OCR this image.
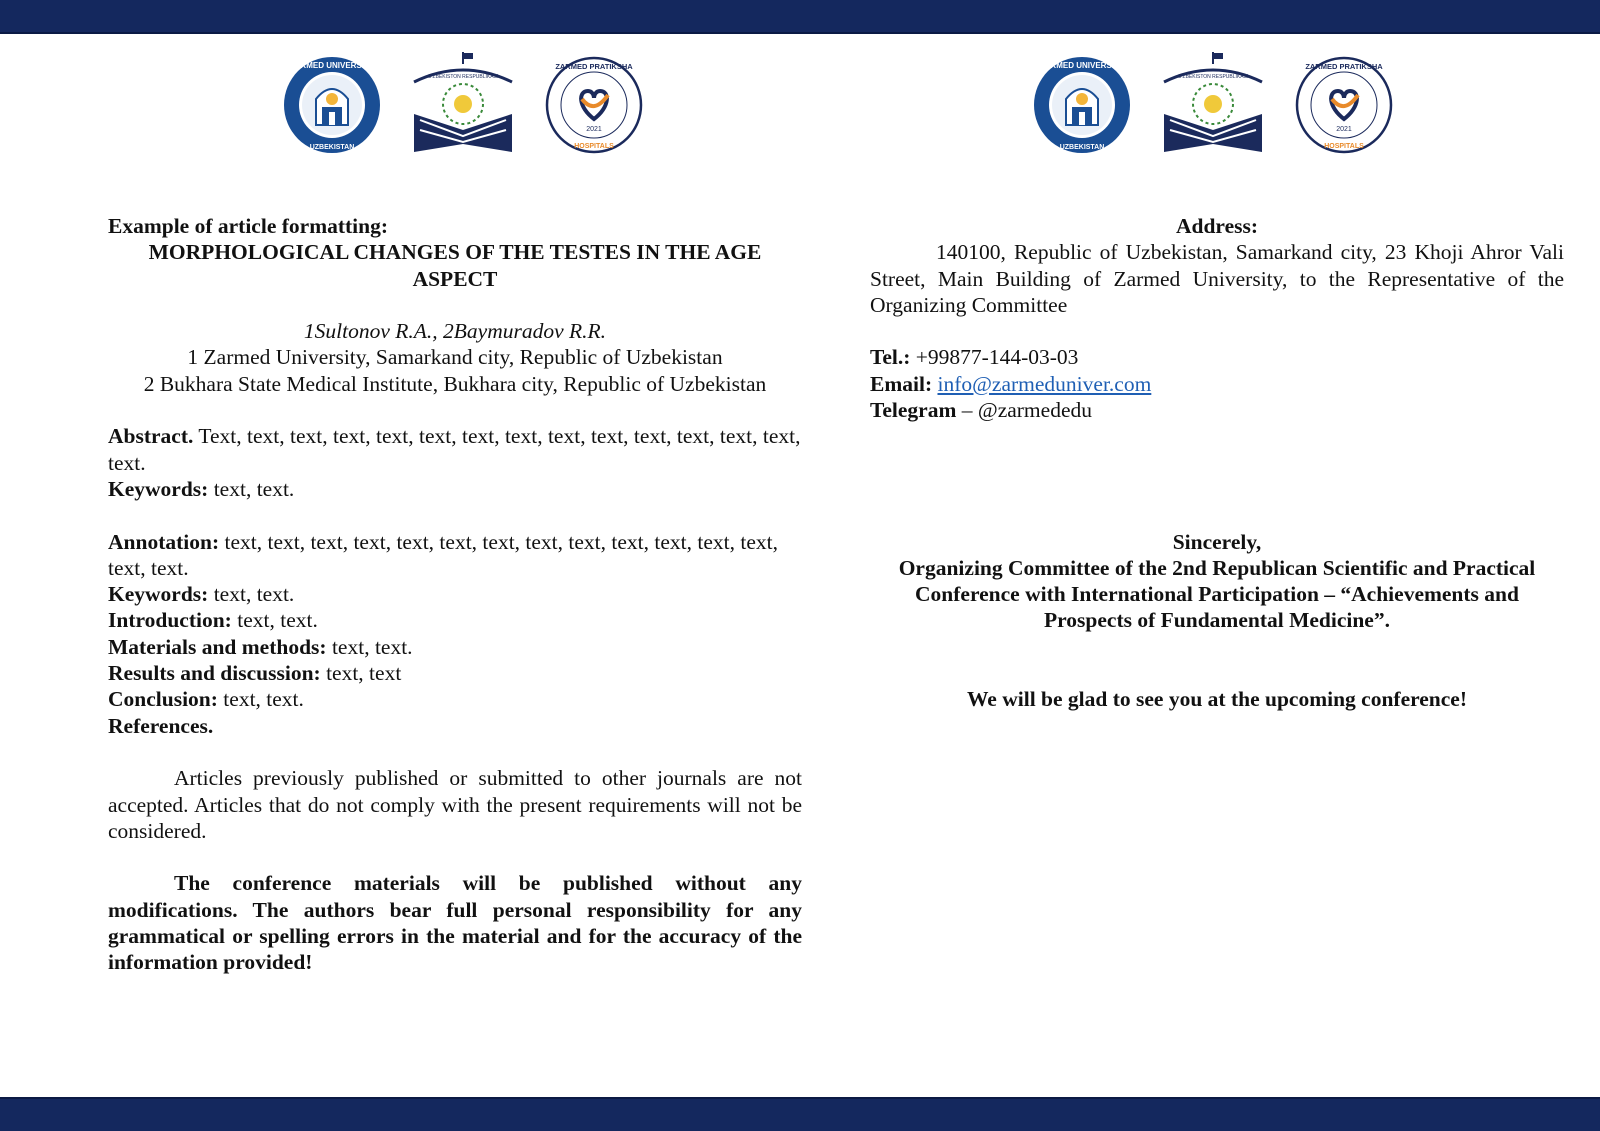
ZARMED UNIVERSITY
UZBEKISTAN
O'ZBEKISTON RESPUBLIKASI
ZARMED PRATIKSHA
2021
HOSPITALS
ZARMED UNIVERSITY
UZBEKISTAN
O'ZBEKISTON RESPUBLIKASI
ZARMED PRATIKSHA
2021
HOSPITALS

Example of article formatting:

MORPHOLOGICAL CHANGES OF THE TESTES IN THE AGE ASPECT

1Sultonov R.A., 2Baymuradov R.R.

1 Zarmed University, Samarkand city, Republic of Uzbekistan

2 Bukhara State Medical Institute, Bukhara city, Republic of Uzbekistan

Abstract. Text, text, text, text, text, text, text, text, text, text, text, text, text, text, text.

Keywords: text, text.

Annotation: text, text, text, text, text, text, text, text, text, text, text, text, text, text, text.

Keywords: text, text.

Introduction: text, text.

Materials and methods: text, text.

Results and discussion: text, text

Conclusion: text, text.

References.

Articles previously published or submitted to other journals are not accepted. Articles that do not comply with the present requirements will not be considered.

The conference materials will be published without any modifications. The authors bear full personal responsibility for any grammatical or spelling errors in the material and for the accuracy of the information provided!

Address:

140100, Republic of Uzbekistan, Samarkand city, 23 Khoji Ahror Vali Street, Main Building of Zarmed University, to the Representative of the Organizing Committee

Tel.: +99877-144-03-03

Email: info@zarmeduniver.com

Telegram – @zarmededu

Sincerely,

Organizing Committee of the 2nd Republican Scientific and Practical Conference with International Participation – “Achievements and Prospects of Fundamental Medicine”.

We will be glad to see you at the upcoming conference!
